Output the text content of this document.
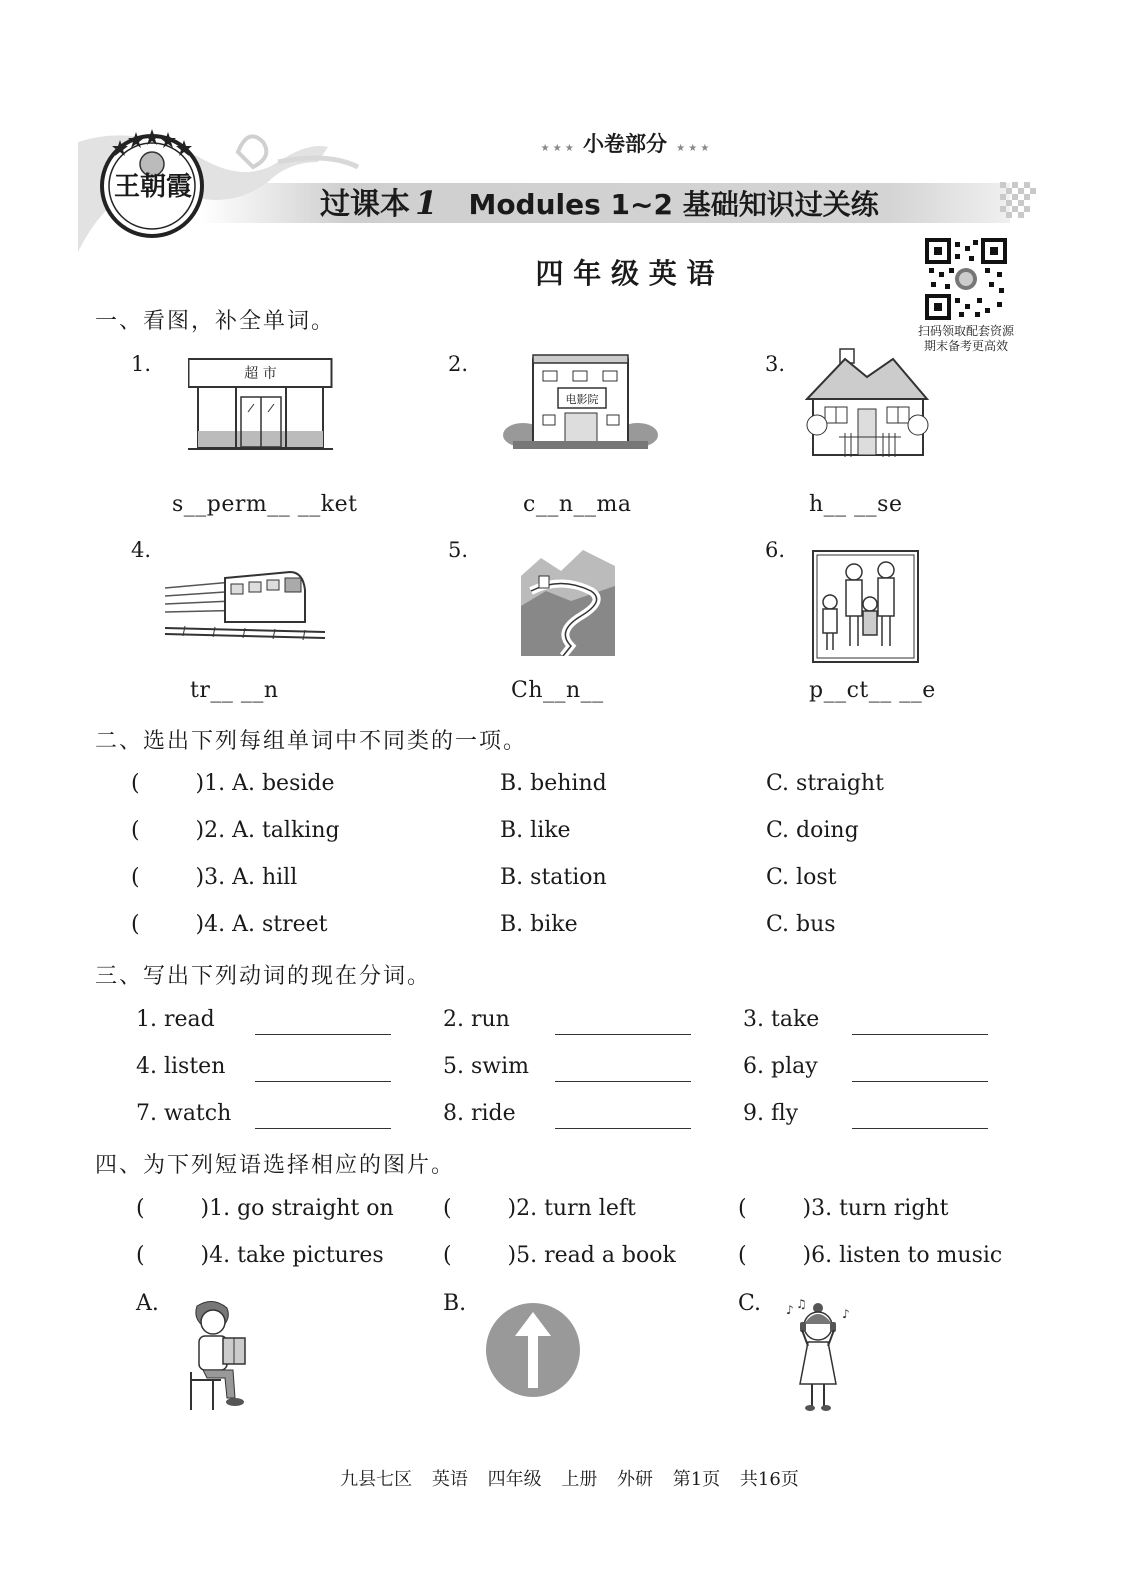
王朝霞
★ ★ ★ 小卷部分 ★ ★ ★
过课本 1 Modules 1~2 基础知识过关练
四 年 级 英 语
扫码领取配套资源
期末备考更高效
一、看图，补全单词。
1.	2.	3.
4.	5.	6.
超 市
电影院
s__perm__ __ket	c__n__ma	h__ __se
tr__ __n	Ch__n__	p__ct__ __e
二、选出下列每组单词中不同类的一项。
(        )1. A. beside	B. behind	C. straight
(        )2. A. talking	B. like	C. doing
(        )3. A. hill	B. station	C. lost
(        )4. A. street	B. bike	C. bus
三、写出下列动词的现在分词。
1. read	2. run	3. take
4. listen	5. swim	6. play
7. watch	8. ride	9. fly
四、为下列短语选择相应的图片。
(        )1. go straight on (        )2. turn left	(        )3. turn right
(        )4. take pictures	(        )5. read a book	(        )6. listen to music
A.	B.	C. ♪ ♫
♪
九县七区 英语 四年级 上册 外研 第1页 共16页
